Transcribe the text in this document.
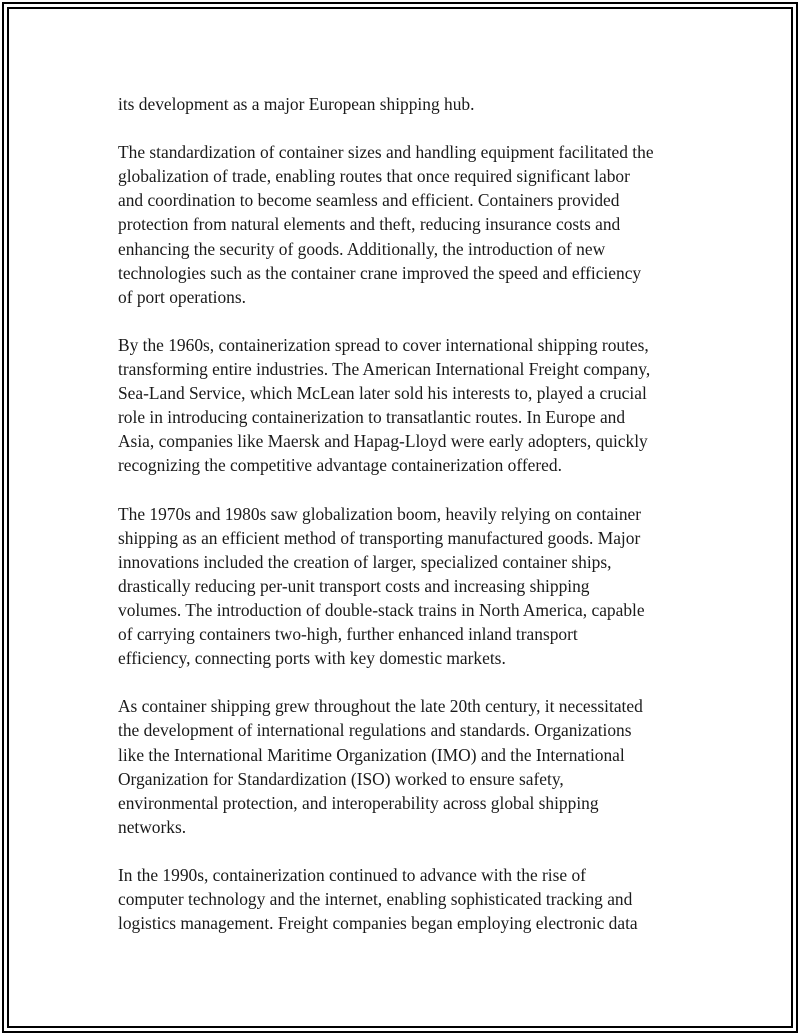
its development as a major European shipping hub.

The standardization of container sizes and handling equipment facilitated the
globalization of trade, enabling routes that once required significant labor
and coordination to become seamless and efficient. Containers provided
protection from natural elements and theft, reducing insurance costs and
enhancing the security of goods. Additionally, the introduction of new
technologies such as the container crane improved the speed and efficiency
of port operations.

By the 1960s, containerization spread to cover international shipping routes,
transforming entire industries. The American International Freight company,
Sea-Land Service, which McLean later sold his interests to, played a crucial
role in introducing containerization to transatlantic routes. In Europe and
Asia, companies like Maersk and Hapag-Lloyd were early adopters, quickly
recognizing the competitive advantage containerization offered.

The 1970s and 1980s saw globalization boom, heavily relying on container
shipping as an efficient method of transporting manufactured goods. Major
innovations included the creation of larger, specialized container ships,
drastically reducing per-unit transport costs and increasing shipping
volumes. The introduction of double-stack trains in North America, capable
of carrying containers two-high, further enhanced inland transport
efficiency, connecting ports with key domestic markets.

As container shipping grew throughout the late 20th century, it necessitated
the development of international regulations and standards. Organizations
like the International Maritime Organization (IMO) and the International
Organization for Standardization (ISO) worked to ensure safety,
environmental protection, and interoperability across global shipping
networks.

In the 1990s, containerization continued to advance with the rise of
computer technology and the internet, enabling sophisticated tracking and
logistics management. Freight companies began employing electronic data
